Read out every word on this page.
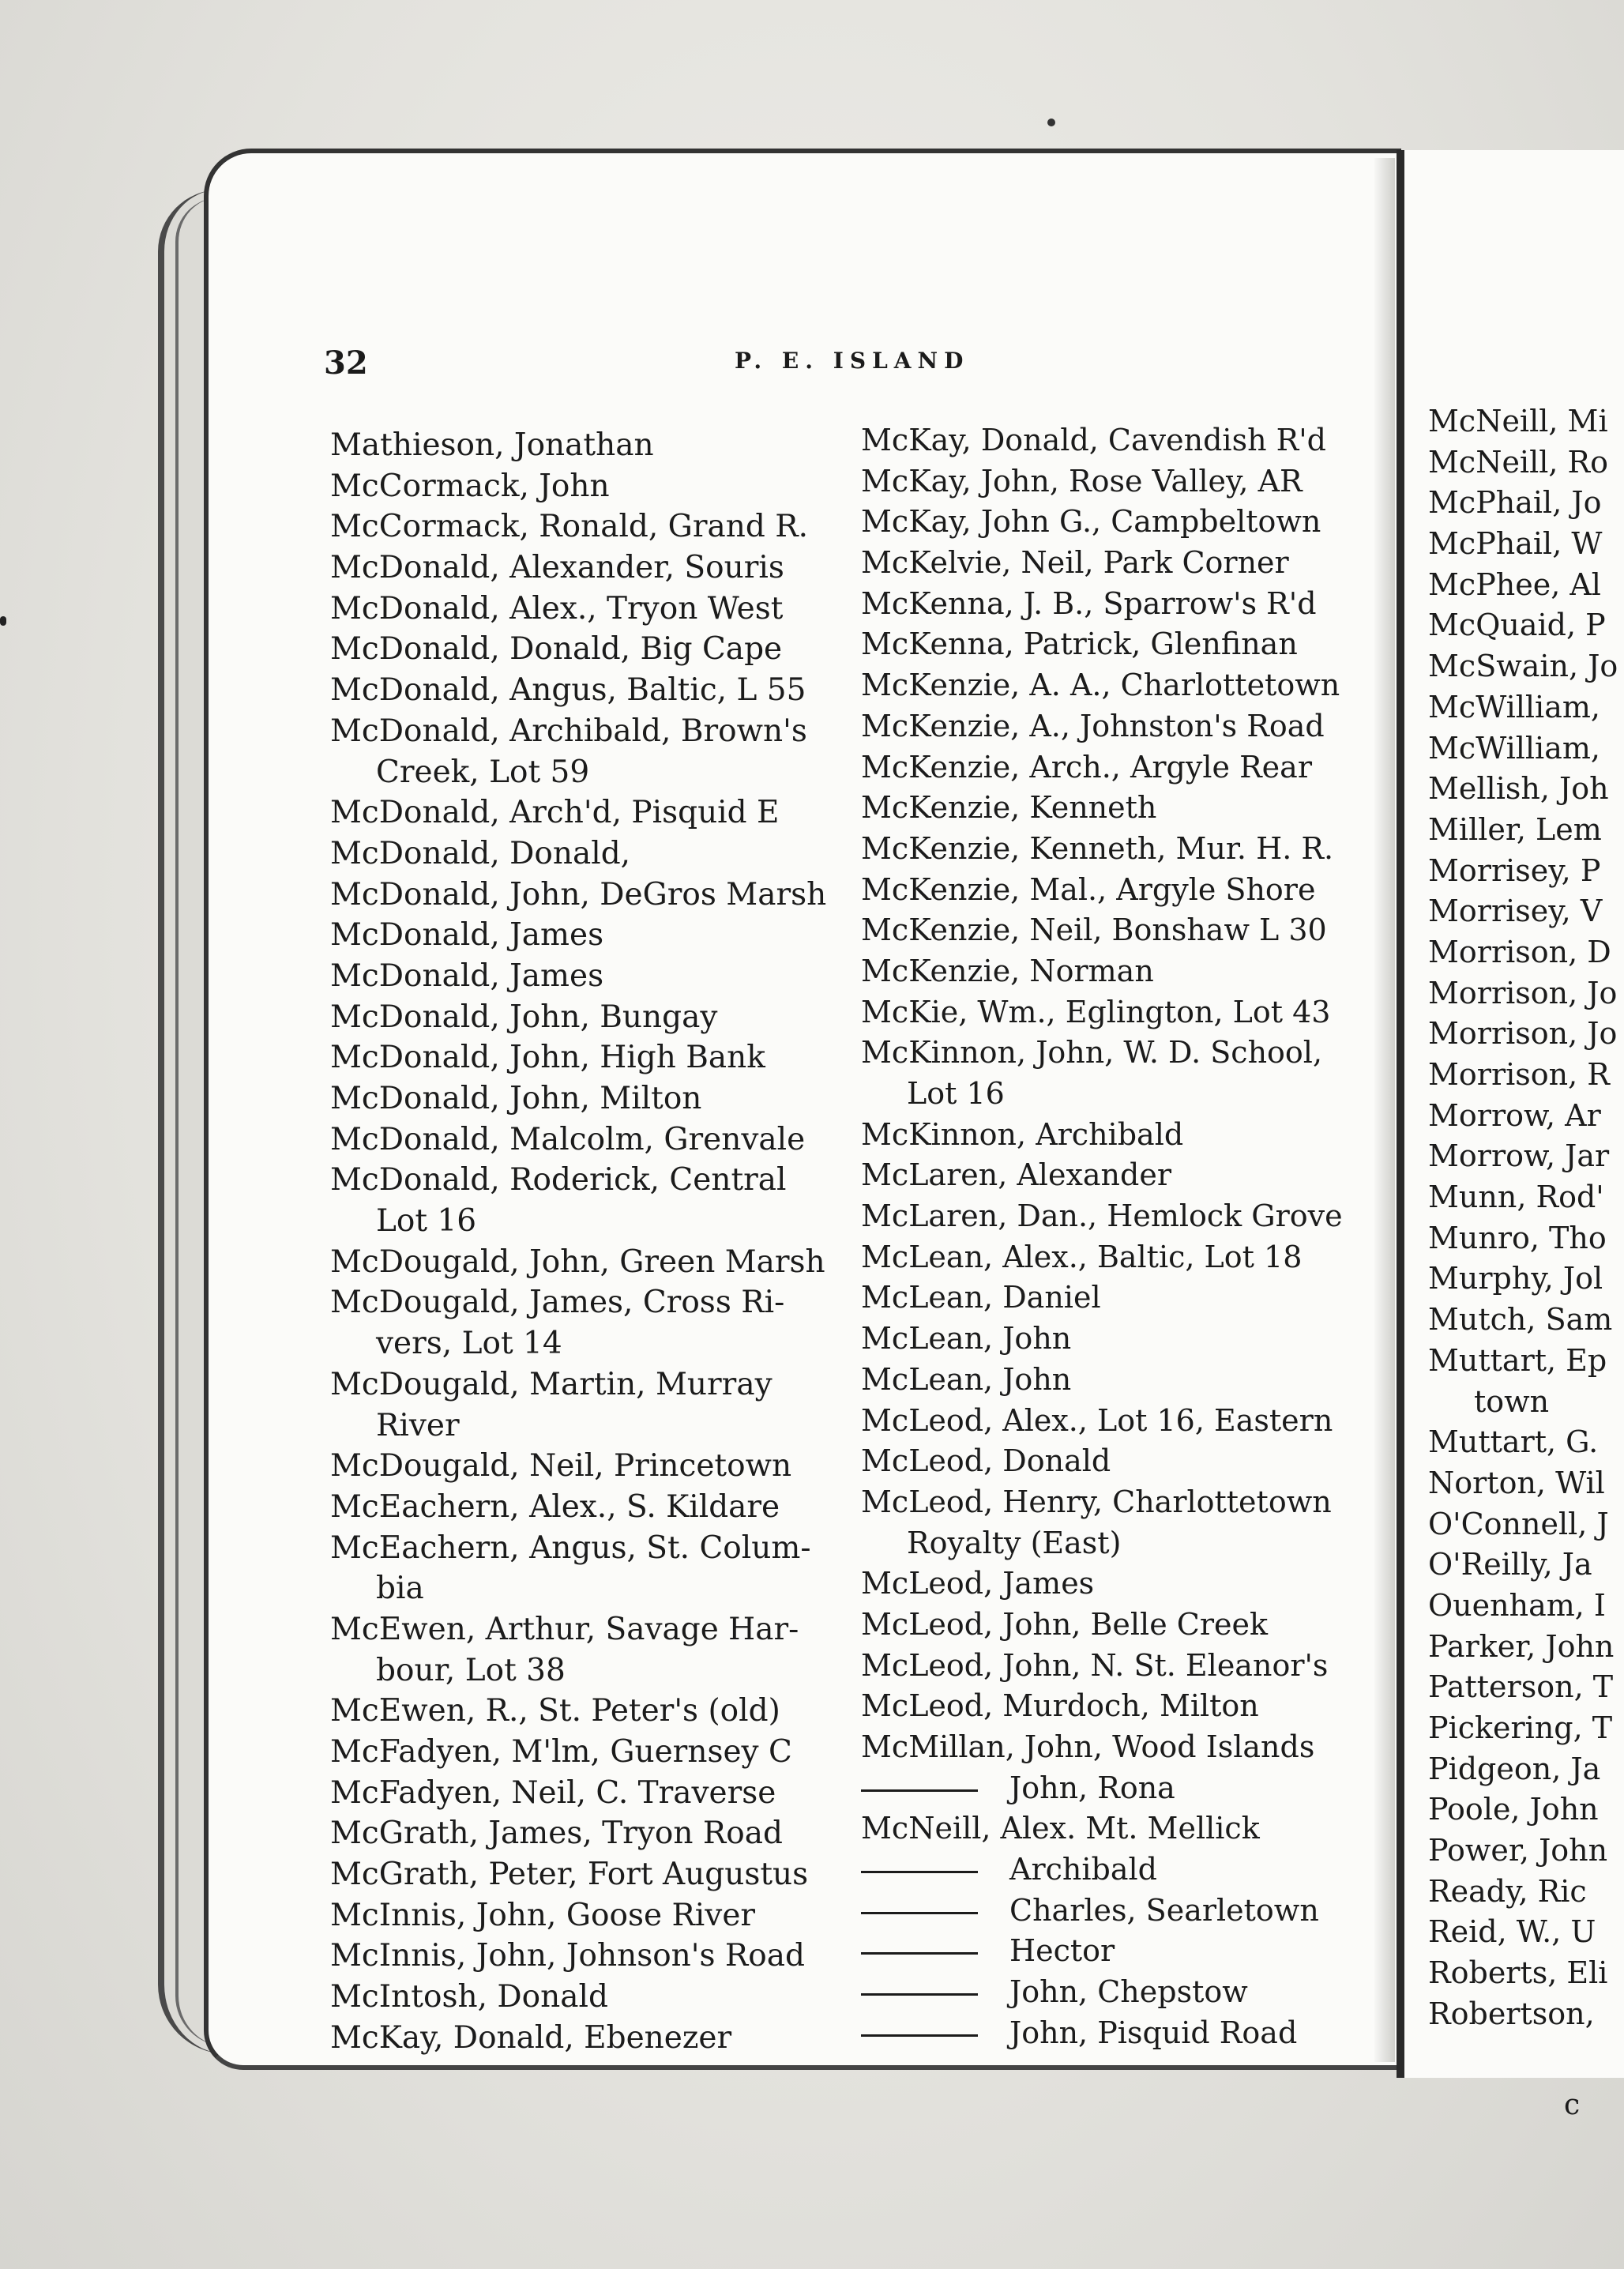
32	P. E. ISLAND
Mathieson, Jonathan
McCormack, John
McCormack, Ronald, Grand R.
McDonald, Alexander, Souris
McDonald, Alex., Tryon West
McDonald, Donald, Big Cape
McDonald, Angus, Baltic, L 55
McDonald, Archibald, Brown's
Creek, Lot 59
McDonald, Arch'd, Pisquid E
McDonald, Donald,
McDonald, John, DeGros Marsh
McDonald, James
McDonald, James
McDonald, John, Bungay
McDonald, John, High Bank
McDonald, John, Milton
McDonald, Malcolm, Grenvale
McDonald, Roderick, Central
Lot 16
McDougald, John, Green Marsh
McDougald, James, Cross Ri-
vers, Lot 14
McDougald, Martin, Murray
River
McDougald, Neil, Princetown
McEachern, Alex., S. Kildare
McEachern, Angus, St. Colum-
bia
McEwen, Arthur, Savage Har-
bour, Lot 38
McEwen, R., St. Peter's (old)
McFadyen, M'lm, Guernsey C
McFadyen, Neil, C. Traverse
McGrath, James, Tryon Road
McGrath, Peter, Fort Augustus
McInnis, John, Goose River
McInnis, John, Johnson's Road
McIntosh, Donald
McKay, Donald, Ebenezer
McKay, Donald, Cavendish R'd
McKay, John, Rose Valley, AR
McKay, John G., Campbeltown
McKelvie, Neil, Park Corner
McKenna, J. B., Sparrow's R'd
McKenna, Patrick, Glenfinan
McKenzie, A. A., Charlottetown
McKenzie, A., Johnston's Road
McKenzie, Arch., Argyle Rear
McKenzie, Kenneth
McKenzie, Kenneth, Mur. H. R.
McKenzie, Mal., Argyle Shore
McKenzie, Neil, Bonshaw L 30
McKenzie, Norman
McKie, Wm., Eglington, Lot 43
McKinnon, John, W. D. School,
Lot 16
McKinnon, Archibald
McLaren, Alexander
McLaren, Dan., Hemlock Grove
McLean, Alex., Baltic, Lot 18
McLean, Daniel
McLean, John
McLean, John
McLeod, Alex., Lot 16, Eastern
McLeod, Donald
McLeod, Henry, Charlottetown
Royalty (East)
McLeod, James
McLeod, John, Belle Creek
McLeod, John, N. St. Eleanor's
McLeod, Murdoch, Milton
McMillan, John, Wood Islands
John, Rona
McNeill, Alex. Mt. Mellick
Archibald
Charles, Searletown
Hector
John, Chepstow
John, Pisquid Road
McNeill, Mi
McNeill, Ro
McPhail, Jo
McPhail, W
McPhee, Al
McQuaid, P
McSwain, Jo
McWilliam,
McWilliam,
Mellish, Joh
Miller, Lem
Morrisey, P
Morrisey, V
Morrison, D
Morrison, Jo
Morrison, Jo
Morrison, R
Morrow, Ar
Morrow, Jar
Munn, Rod'
Munro, Tho
Murphy, Jol
Mutch, Sam
Muttart, Ep
town
Muttart, G.
Norton, Wil
O'Connell, J
O'Reilly, Ja
Ouenham, I
Parker, John
Patterson, T
Pickering, T
Pidgeon, Ja
Poole, John
Power, John
Ready, Ric
Reid, W., U
Roberts, Eli
Robertson,
c
